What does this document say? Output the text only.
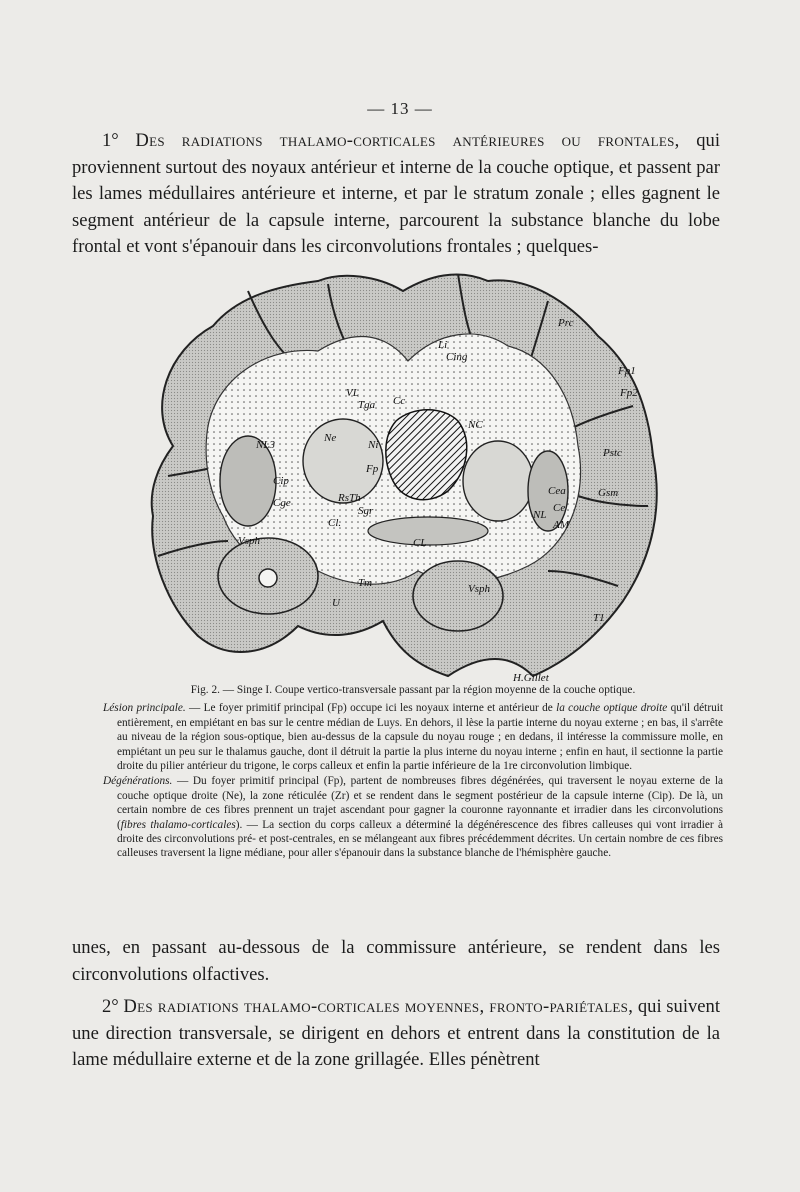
— 13 —

1° Des radiations thalamo-corticales antérieures ou frontales, qui proviennent surtout des noyaux antérieur et interne de la couche optique, et passent par les lames médullaires antérieure et interne, et par le stratum zonale ; elles gagnent le segment antérieur de la capsule interne, parcourent la substance blanche du lobe frontal et vont s'épanouir dans les circonvolutions frontales ; quelques-

Prc
Li
Cing
Cc
Fp1
Fp2
VL
Tga
Ne
Ni
NC
Fp
Pstc
Gsm
Cea
Ce
AM
NL
NL3
Cip
Cge
Vsph
RsTh
Cl.
Sgr
CL
Tm
U
T1
Vsph
H.Gillet

Fig. 2. — Singe I. Coupe vertico-transversale passant par la région moyenne de la couche optique.

Lésion principale. — Le foyer primitif principal (Fp) occupe ici les noyaux interne et antérieur de la couche optique droite qu'il détruit entièrement, en empiétant en bas sur le centre médian de Luys. En dehors, il lèse la partie interne du noyau externe ; en bas, il s'arrête au niveau de la région sous-optique, bien au-dessus de la capsule du noyau rouge ; en dedans, il intéresse la commissure molle, en empiétant un peu sur le thalamus gauche, dont il détruit la partie la plus interne du noyau interne ; enfin en haut, il sectionne la partie droite du pilier antérieur du trigone, le corps calleux et enfin la partie inférieure de la 1re circonvolution limbique.

Dégénérations. — Du foyer primitif principal (Fp), partent de nombreuses fibres dégénérées, qui traversent le noyau externe de la couche optique droite (Ne), la zone réticulée (Zr) et se rendent dans le segment postérieur de la capsule interne (Cip). De là, un certain nombre de ces fibres prennent un trajet ascendant pour gagner la couronne rayonnante et irradier dans les circonvolutions (fibres thalamo-corticales). — La section du corps calleux a déterminé la dégénérescence des fibres calleuses qui vont irradier à droite des circonvolutions pré- et post-centrales, en se mélangeant aux fibres précédemment décrites. Un certain nombre de ces fibres calleuses traversent la ligne médiane, pour aller s'épanouir dans la substance blanche de l'hémisphère gauche.

unes, en passant au-dessous de la commissure antérieure, se rendent dans les circonvolutions olfactives.

2° Des radiations thalamo-corticales moyennes, fronto-pariétales, qui suivent une direction transversale, se dirigent en dehors et entrent dans la constitution de la lame médullaire externe et de la zone grillagée. Elles pénètrent
